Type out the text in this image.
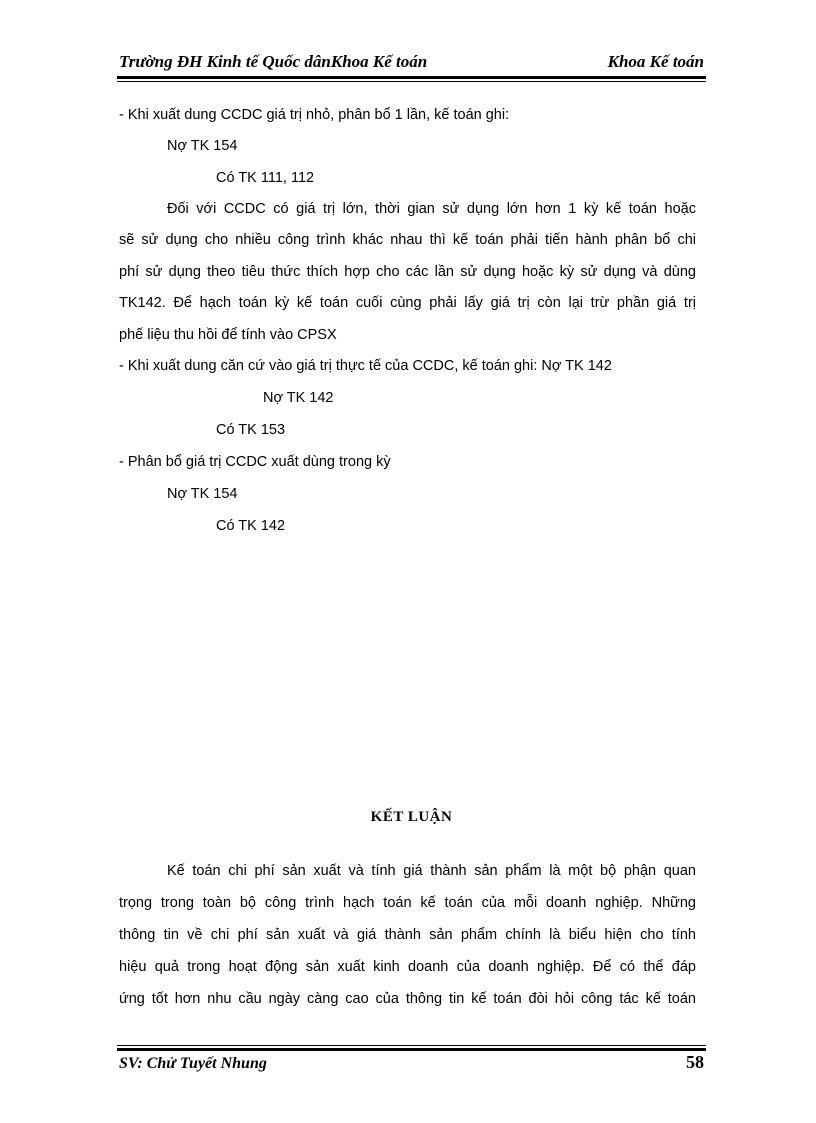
Trường ĐH Kinh tế Quốc dânKhoa Kế toán	Khoa Kế toán
- Khi xuất dung CCDC giá trị nhỏ, phân bổ 1 lần, kế toán ghi:
Nợ TK 154
Có TK 111, 112
Đối với CCDC có giá trị lớn, thời gian sử dụng lớn hơn 1 kỳ kế toán hoặc
sẽ sử dụng cho nhiều công trình khác nhau thì kế toán phải tiến hành phân bổ chi
phí sử dụng theo tiêu thức thích hợp cho các lần sử dụng hoặc kỳ sử dụng và dùng
TK142. Để hạch toán kỳ kế toán cuối cùng phải lấy giá trị còn lại trừ phần giá trị
phế liệu thu hồi để tính vào CPSX
- Khi xuất dung căn cứ vào giá trị thực tế của CCDC, kế toán ghi: Nợ TK 142
Nợ TK 142
Có TK 153
- Phân bổ giá trị CCDC xuất dùng trong kỳ
Nợ TK 154
Có TK 142
KẾT LUẬN
Kế toán chi phí sản xuất và tính giá thành sản phẩm là một bộ phận quan
trọng trong toàn bộ công trình hạch toán kế toán của mỗi doanh nghiệp. Những
thông tin về chi phí sản xuất và giá thành sản phẩm chính là biểu hiện cho tính
hiệu quả trong hoạt động sản xuất kinh doanh của doanh nghiệp. Để có thể đáp
ứng tốt hơn nhu cầu ngày càng cao của thông tin kế toán đòi hỏi công tác kế toán
SV: Chử Tuyết Nhung	58
